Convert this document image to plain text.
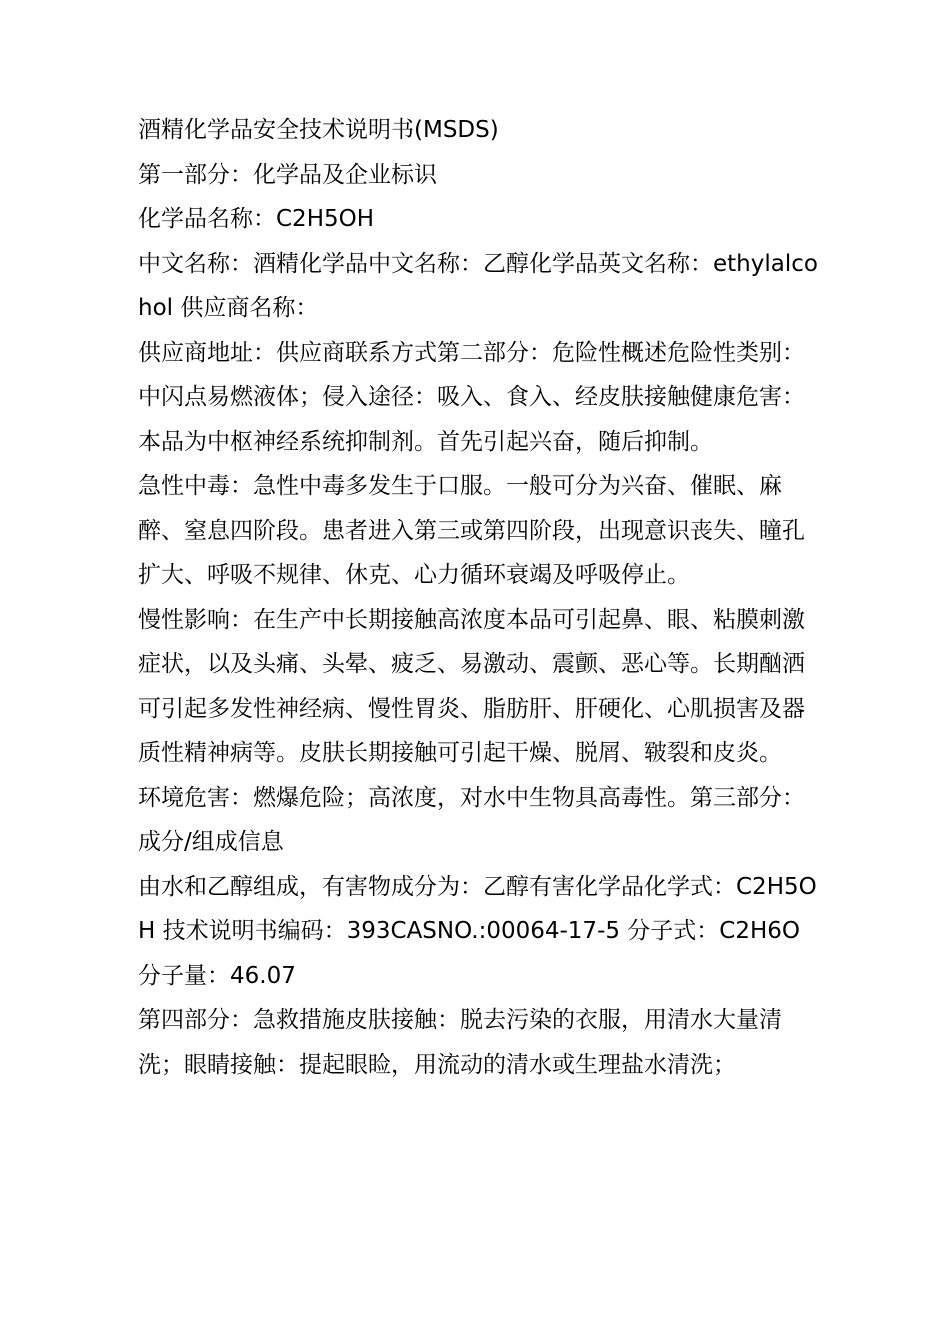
酒精化学品安全技术说明书(MSDS)

第一部分：化学品及企业标识

化学品名称：C2H5OH

中文名称：酒精化学品中文名称：乙醇化学品英文名称：ethylalcohol 供应商名称：

供应商地址：供应商联系方式第二部分：危险性概述危险性类别：中闪点易燃液体；侵入途径：吸入、食入、经皮肤接触健康危害：本品为中枢神经系统抑制剂。首先引起兴奋，随后抑制。

急性中毒：急性中毒多发生于口服。一般可分为兴奋、催眠、麻醉、窒息四阶段。患者进入第三或第四阶段，出现意识丧失、瞳孔扩大、呼吸不规律、休克、心力循环衰竭及呼吸停止。

慢性影响：在生产中长期接触高浓度本品可引起鼻、眼、粘膜刺激症状，以及头痛、头晕、疲乏、易激动、震颤、恶心等。长期酗洒可引起多发性神经病、慢性胃炎、脂肪肝、肝硬化、心肌损害及器质性精神病等。皮肤长期接触可引起干燥、脱屑、皲裂和皮炎。

环境危害：燃爆危险；高浓度，对水中生物具高毒性。第三部分：成分/组成信息

由水和乙醇组成，有害物成分为：乙醇有害化学品化学式：C2H5OH 技术说明书编码：393CASNO.:00064-17-5 分子式：C2H6O 分子量：46.07

第四部分：急救措施皮肤接触：脱去污染的衣服，用清水大量清洗；眼睛接触：提起眼睑，用流动的清水或生理盐水清洗；
